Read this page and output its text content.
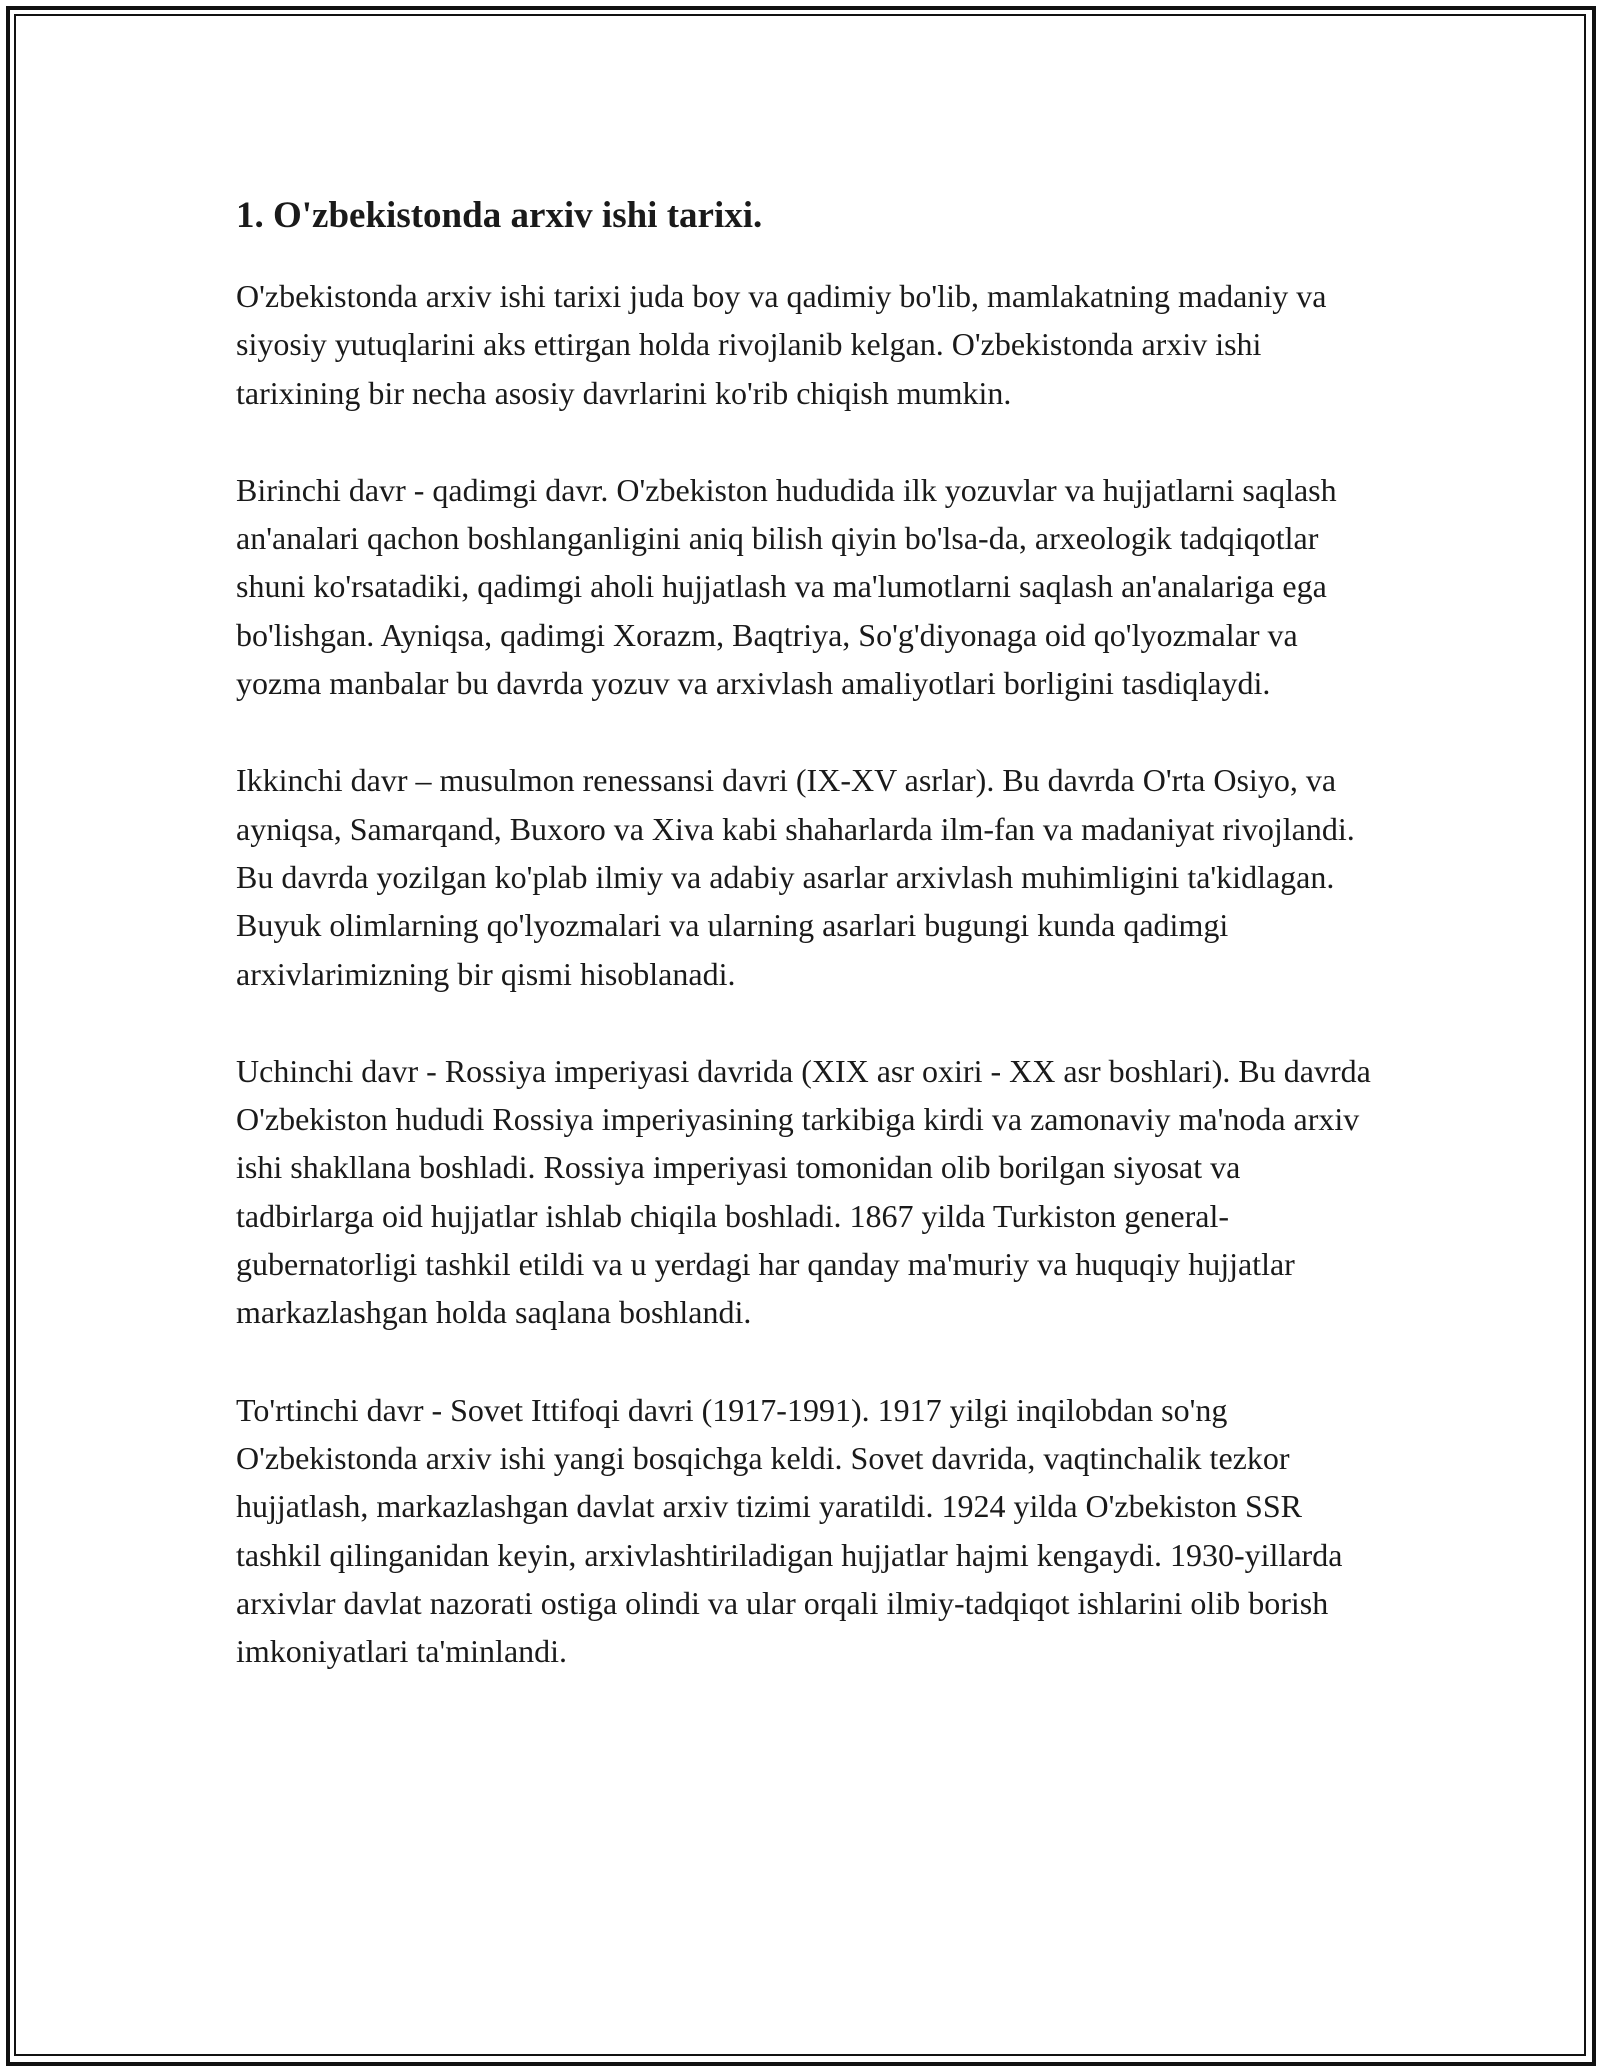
1. O'zbekistonda arxiv ishi tarixi.

O'zbekistonda arxiv ishi tarixi juda boy va qadimiy bo'lib, mamlakatning madaniy va siyosiy yutuqlarini aks ettirgan holda rivojlanib kelgan. O'zbekistonda arxiv ishi tarixining bir necha asosiy davrlarini ko'rib chiqish mumkin.

Birinchi davr - qadimgi davr. O'zbekiston hududida ilk yozuvlar va hujjatlarni saqlash an'analari qachon boshlanganligini aniq bilish qiyin bo'lsa-da, arxeologik tadqiqotlar shuni ko'rsatadiki, qadimgi aholi hujjatlash va ma'lumotlarni saqlash an'analariga ega bo'lishgan. Ayniqsa, qadimgi Xorazm, Baqtriya, So'g'diyonaga oid qo'lyozmalar va yozma manbalar bu davrda yozuv va arxivlash amaliyotlari borligini tasdiqlaydi.

Ikkinchi davr – musulmon renessansi davri (IX-XV asrlar). Bu davrda O'rta Osiyo, va ayniqsa, Samarqand, Buxoro va Xiva kabi shaharlarda ilm-fan va madaniyat rivojlandi. Bu davrda yozilgan ko'plab ilmiy va adabiy asarlar arxivlash muhimligini ta'kidlagan. Buyuk olimlarning qo'lyozmalari va ularning asarlari bugungi kunda qadimgi arxivlarimizning bir qismi hisoblanadi.

Uchinchi davr - Rossiya imperiyasi davrida (XIX asr oxiri - XX asr boshlari). Bu davrda O'zbekiston hududi Rossiya imperiyasining tarkibiga kirdi va zamonaviy ma'noda arxiv ishi shakllana boshladi. Rossiya imperiyasi tomonidan olib borilgan siyosat va tadbirlarga oid hujjatlar ishlab chiqila boshladi. 1867 yilda Turkiston general-gubernatorligi tashkil etildi va u yerdagi har qanday ma'muriy va huquqiy hujjatlar markazlashgan holda saqlana boshlandi.

To'rtinchi davr - Sovet Ittifoqi davri (1917-1991). 1917 yilgi inqilobdan so'ng O'zbekistonda arxiv ishi yangi bosqichga keldi. Sovet davrida, vaqtinchalik tezkor hujjatlash, markazlashgan davlat arxiv tizimi yaratildi. 1924 yilda O'zbekiston SSR tashkil qilinganidan keyin, arxivlashtiriladigan hujjatlar hajmi kengaydi. 1930-yillarda arxivlar davlat nazorati ostiga olindi va ular orqali ilmiy-tadqiqot ishlarini olib borish imkoniyatlari ta'minlandi.
